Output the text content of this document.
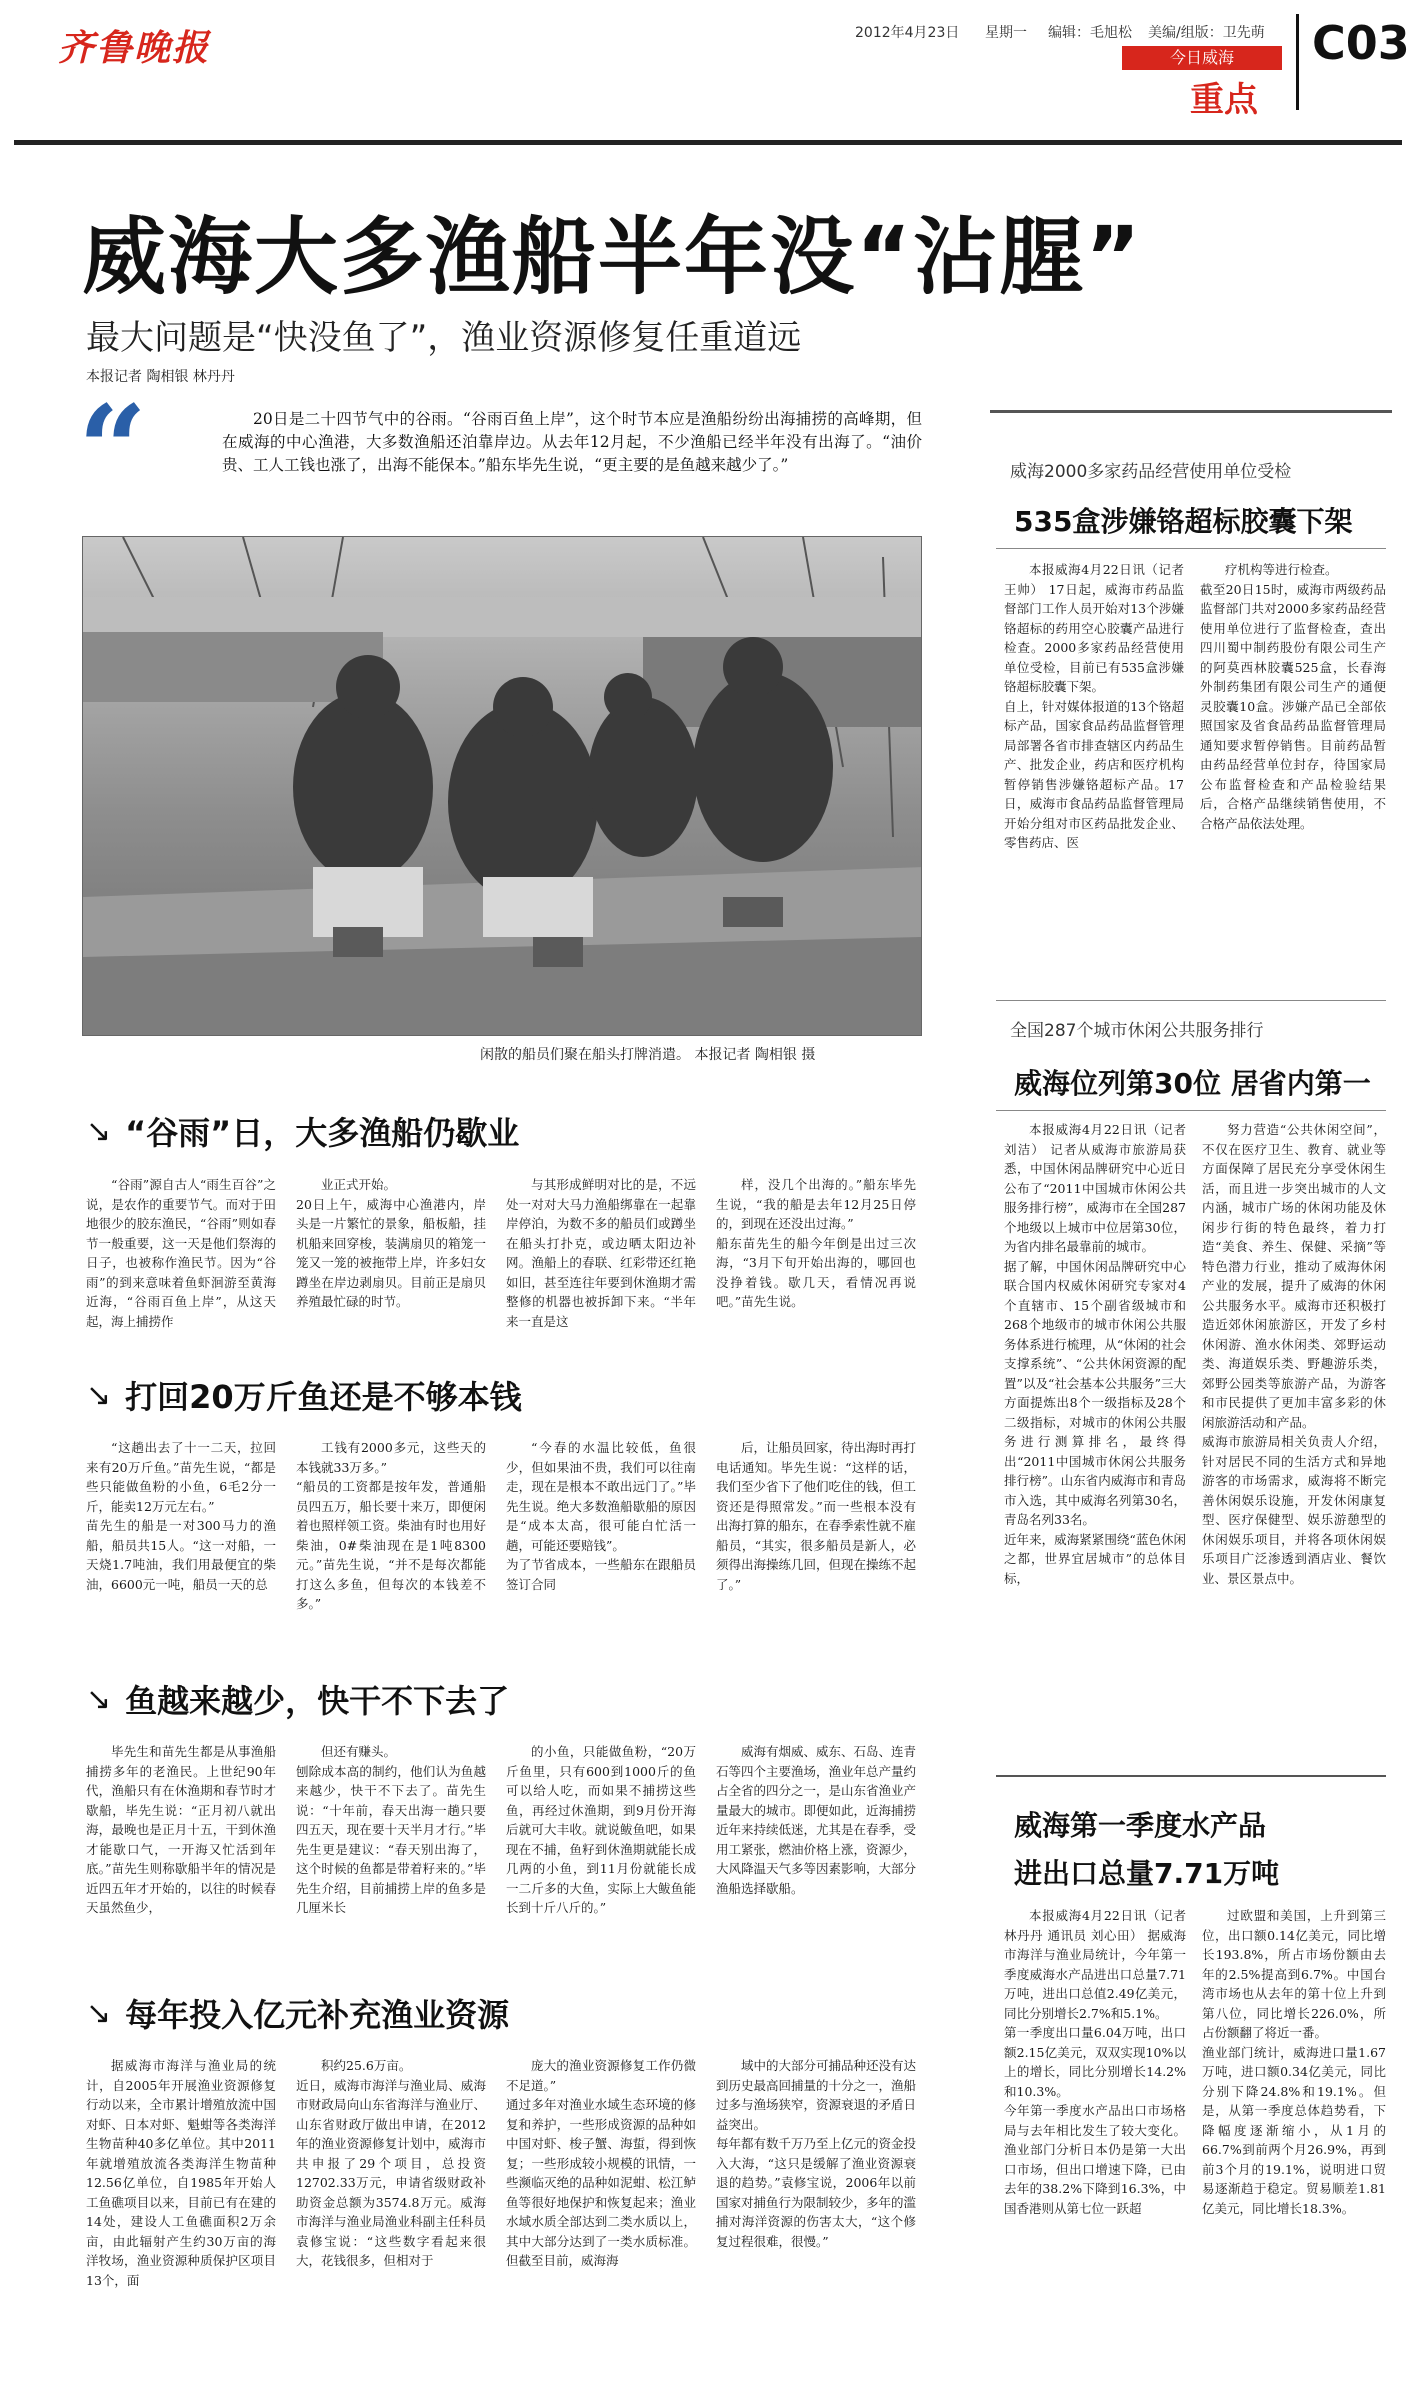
齐鲁晚报	2012年4月23日 星期一 编辑：毛旭松 美编/组版：卫先萌
今日威海
重点
C03
威海大多渔船半年没“沾腥”
最大问题是“快没鱼了”，渔业资源修复任重道远
本报记者 陶相银 林丹丹
“	20日是二十四节气中的谷雨。“谷雨百鱼上岸”，这个时节本应是渔船纷纷出海捕捞的高峰期，但在威海的中心渔港，大多数渔船还泊靠岸边。从去年12月起，不少渔船已经半年没有出海了。“油价贵、工人工钱也涨了，出海不能保本。”船东毕先生说，“更主要的是鱼越来越少了。”
闲散的船员们聚在船头打牌消遣。 本报记者 陶相银 摄
↘ “谷雨”日，大多渔船仍歇业
“谷雨”源自古人“雨生百谷”之说，是农作的重要节气。而对于田地很少的胶东渔民，“谷雨”则如春节一般重要，这一天是他们祭海的日子，也被称作渔民节。因为“谷雨”的到来意味着鱼虾洄游至黄海近海，“谷雨百鱼上岸”，从这天起，海上捕捞作
业正式开始。
20日上午，威海中心渔港内，岸头是一片繁忙的景象，船板船，挂机船来回穿梭，装满扇贝的箱笼一笼又一笼的被拖带上岸，许多妇女蹲坐在岸边剥扇贝。目前正是扇贝养殖最忙碌的时节。
与其形成鲜明对比的是，不远处一对对大马力渔船绑靠在一起靠岸停泊，为数不多的船员们或蹲坐在船头打扑克，或边晒太阳边补网。渔船上的春联、红彩带还红艳如旧，甚至连往年要到休渔期才需整修的机器也被拆卸下来。“半年来一直是这
样，没几个出海的。”船东毕先生说，“我的船是去年12月25日停的，到现在还没出过海。”
船东苗先生的船今年倒是出过三次海，“3月下旬开始出海的，哪回也没挣着钱。歇几天，看情况再说吧。”苗先生说。
↘ 打回20万斤鱼还是不够本钱
“这趟出去了十一二天，拉回来有20万斤鱼。”苗先生说，“都是些只能做鱼粉的小鱼，6毛2分一斤，能卖12万元左右。”
苗先生的船是一对300马力的渔船，船员共15人。“这一对船，一天烧1.7吨油，我们用最便宜的柴油，6600元一吨，船员一天的总
工钱有2000多元，这些天的本钱就33万多。”
“船员的工资都是按年发，普通船员四五万，船长要十来万，即便闲着也照样领工资。柴油有时也用好柴油，0#柴油现在是1吨8300元。”苗先生说，“并不是每次都能打这么多鱼，但每次的本钱差不多。”
“今春的水温比较低，鱼很少，但如果油不贵，我们可以往南走，现在是根本不敢出远门了。”毕先生说。绝大多数渔船歇船的原因是“成本太高，很可能白忙活一趟，可能还要赔钱”。
为了节省成本，一些船东在跟船员签订合同
后，让船员回家，待出海时再打电话通知。毕先生说：“这样的话，我们至少省下了他们吃住的钱，但工资还是得照常发。”而一些根本没有出海打算的船东，在春季索性就不雇船员，“其实，很多船员是新人，必须得出海操练几回，但现在操练不起了。”
↘ 鱼越来越少，快干不下去了
毕先生和苗先生都是从事渔船捕捞多年的老渔民。上世纪90年代，渔船只有在休渔期和春节时才歇船，毕先生说：“正月初八就出海，最晚也是正月十五，干到休渔才能歇口气，一开海又忙活到年底。”苗先生则称歇船半年的情况是近四五年才开始的，以往的时候春天虽然鱼少，
但还有赚头。
刨除成本高的制约，他们认为鱼越来越少，快干不下去了。苗先生说：“十年前，春天出海一趟只要四五天，现在要十天半月才行。”毕先生更是建议：“春天别出海了，这个时候的鱼都是带着籽来的。”毕先生介绍，目前捕捞上岸的鱼多是几厘米长
的小鱼，只能做鱼粉，“20万斤鱼里，只有600到1000斤的鱼可以给人吃，而如果不捕捞这些鱼，再经过休渔期，到9月份开海后就可大丰收。就说鲅鱼吧，如果现在不捕，鱼籽到休渔期就能长成几两的小鱼，到11月份就能长成一二斤多的大鱼，实际上大鲅鱼能长到十斤八斤的。”
威海有烟威、威东、石岛、连青石等四个主要渔场，渔业年总产量约占全省的四分之一，是山东省渔业产量最大的城市。即便如此，近海捕捞近年来持续低迷，尤其是在春季，受用工紧张，燃油价格上涨，资源少，大风降温天气多等因素影响，大部分渔船选择歇船。
↘ 每年投入亿元补充渔业资源
据威海市海洋与渔业局的统计，自2005年开展渔业资源修复行动以来，全市累计增殖放流中国对虾、日本对虾、魁蚶等各类海洋生物苗种40多亿单位。其中2011年就增殖放流各类海洋生物苗种12.56亿单位，自1985年开始人工鱼礁项目以来，目前已有在建的14处，建设人工鱼礁面积2万余亩，由此辐射产生约30万亩的海洋牧场，渔业资源种质保护区项目13个，面
积约25.6万亩。
近日，威海市海洋与渔业局、威海市财政局向山东省海洋与渔业厅、山东省财政厅做出申请，在2012年的渔业资源修复计划中，威海市共申报了29个项目，总投资12702.33万元，申请省级财政补助资金总额为3574.8万元。威海市海洋与渔业局渔业科副主任科员袁修宝说：“这些数字看起来很大，花钱很多，但相对于
庞大的渔业资源修复工作仍微不足道。”
通过多年对渔业水域生态环境的修复和养护，一些形成资源的品种如中国对虾、梭子蟹、海蜇，得到恢复；一些形成较小规模的讯情，一些濒临灭绝的品种如泥蚶、松江鲈鱼等很好地保护和恢复起来；渔业水域水质全部达到二类水质以上，其中大部分达到了一类水质标准。但截至目前，威海海
域中的大部分可捕品种还没有达到历史最高回捕量的十分之一，渔船过多与渔场狭窄，资源衰退的矛盾日益突出。
每年都有数千万乃至上亿元的资金投入大海，“这只是缓解了渔业资源衰退的趋势。”袁修宝说，2006年以前国家对捕鱼行为限制较少，多年的滥捕对海洋资源的伤害太大，“这个修复过程很难，很慢。”
威海2000多家药品经营使用单位受检
535盒涉嫌铬超标胶囊下架
本报威海4月22日讯（记者 王帅） 17日起，威海市药品监督部门工作人员开始对13个涉嫌铬超标的药用空心胶囊产品进行检查。2000多家药品经营使用单位受检，目前已有535盒涉嫌铬超标胶囊下架。
自上，针对媒体报道的13个铬超标产品，国家食品药品监督管理局部署各省市排查辖区内药品生产、批发企业，药店和医疗机构暂停销售涉嫌铬超标产品。17日，威海市食品药品监督管理局开始分组对市区药品批发企业、零售药店、医
疗机构等进行检查。
截至20日15时，威海市两级药品监督部门共对2000多家药品经营使用单位进行了监督检查，查出四川蜀中制药股份有限公司生产的阿莫西林胶囊525盒，长春海外制药集团有限公司生产的通便灵胶囊10盒。涉嫌产品已全部依照国家及省食品药品监督管理局通知要求暂停销售。目前药品暂由药品经营单位封存，待国家局公布监督检查和产品检验结果后，合格产品继续销售使用，不合格产品依法处理。
全国287个城市休闲公共服务排行
威海位列第30位 居省内第一
本报威海4月22日讯（记者 刘洁） 记者从威海市旅游局获悉，中国休闲品牌研究中心近日公布了“2011中国城市休闲公共服务排行榜”，威海市在全国287个地级以上城市中位居第30位，为省内排名最靠前的城市。
据了解，中国休闲品牌研究中心联合国内权威休闲研究专家对4个直辖市、15个副省级城市和268个地级市的城市休闲公共服务体系进行梳理，从“休闲的社会支撑系统”、“公共休闲资源的配置”以及“社会基本公共服务”三大方面提炼出8个一级指标及28个二级指标，对城市的休闲公共服务进行测算排名，最终得出“2011中国城市休闲公共服务排行榜”。山东省内威海市和青岛市入选，其中威海名列第30名，青岛名列33名。
近年来，威海紧紧围绕“蓝色休闲之都，世界宜居城市”的总体目标，
努力营造“公共休闲空间”，不仅在医疗卫生、教育、就业等方面保障了居民充分享受休闲生活，而且进一步突出城市的人文内涵，城市广场的休闲功能及休闲步行街的特色最终，着力打造“美食、养生、保健、采摘”等特色潜力行业，推动了威海休闲产业的发展，提升了威海的休闲公共服务水平。威海市还积极打造近郊休闲旅游区，开发了乡村休闲游、渔水休闲类、郊野运动类、海道娱乐类、野趣游乐类，郊野公园类等旅游产品，为游客和市民提供了更加丰富多彩的休闲旅游活动和产品。
威海市旅游局相关负责人介绍，针对居民不同的生活方式和异地游客的市场需求，威海将不断完善休闲娱乐设施，开发休闲康复型、医疗保健型、娱乐游憩型的休闲娱乐项目，并将各项休闲娱乐项目广泛渗透到酒店业、餐饮业、景区景点中。
威海第一季度水产品
进出口总量7.71万吨
本报威海4月22日讯（记者 林丹丹 通讯员 刘心田） 据威海市海洋与渔业局统计，今年第一季度威海水产品进出口总量7.71万吨，进出口总值2.49亿美元，同比分别增长2.7%和5.1%。
第一季度出口量6.04万吨，出口额2.15亿美元，双双实现10%以上的增长，同比分别增长14.2%和10.3%。
今年第一季度水产品出口市场格局与去年相比发生了较大变化。渔业部门分析日本仍是第一大出口市场，但出口增速下降，已由去年的38.2%下降到16.3%，中国香港则从第七位一跃超
过欧盟和美国，上升到第三位，出口额0.14亿美元，同比增长193.8%，所占市场份额由去年的2.5%提高到6.7%。中国台湾市场也从去年的第十位上升到第八位，同比增长226.0%，所占份额翻了将近一番。
渔业部门统计，威海进口量1.67万吨，进口额0.34亿美元，同比分别下降24.8%和19.1%。但是，从第一季度总体趋势看，下降幅度逐渐缩小，从1月的66.7%到前两个月26.9%，再到前3个月的19.1%，说明进口贸易逐渐趋于稳定。贸易顺差1.81亿美元，同比增长18.3%。
